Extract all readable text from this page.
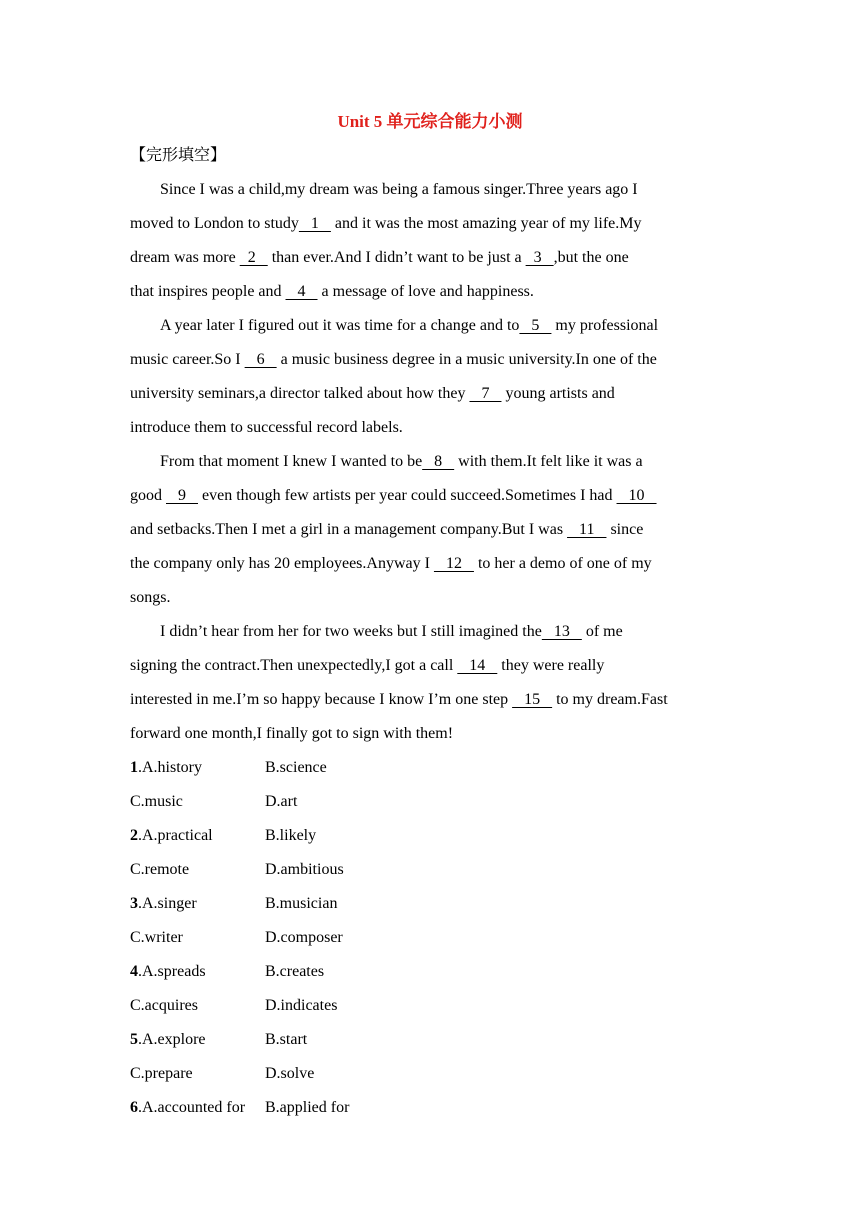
Unit 5 单元综合能力小测
【完形填空】
Since I was a child,my dream was being a famous singer.Three years ago I
moved to London to study   1    and it was the most amazing year of my life.My
dream was more   2    than ever.And I didn’t want to be just a   3   ,but the one
that inspires people and    4    a message of love and happiness.
A year later I figured out it was time for a change and to   5    my professional
music career.So I    6    a music business degree in a music university.In one of the
university seminars,a director talked about how they    7    young artists and
introduce them to successful record labels.
From that moment I knew I wanted to be   8    with them.It felt like it was a
good    9    even though few artists per year could succeed.Sometimes I had    10
and setbacks.Then I met a girl in a management company.But I was    11    since
the company only has 20 employees.Anyway I    12    to her a demo of one of my
songs.
I didn’t hear from her for two weeks but I still imagined the   13    of me
signing the contract.Then unexpectedly,I got a call    14    they were really
interested in me.I’m so happy because I know I’m one step    15    to my dream.Fast
forward one month,I finally got to sign with them!
1.A.history	B.science
C.music	D.art
2.A.practical	B.likely
C.remote	D.ambitious
3.A.singer	B.musician
C.writer	D.composer
4.A.spreads	B.creates
C.acquires	D.indicates
5.A.explore	B.start
C.prepare	D.solve
6.A.accounted for B.applied for
